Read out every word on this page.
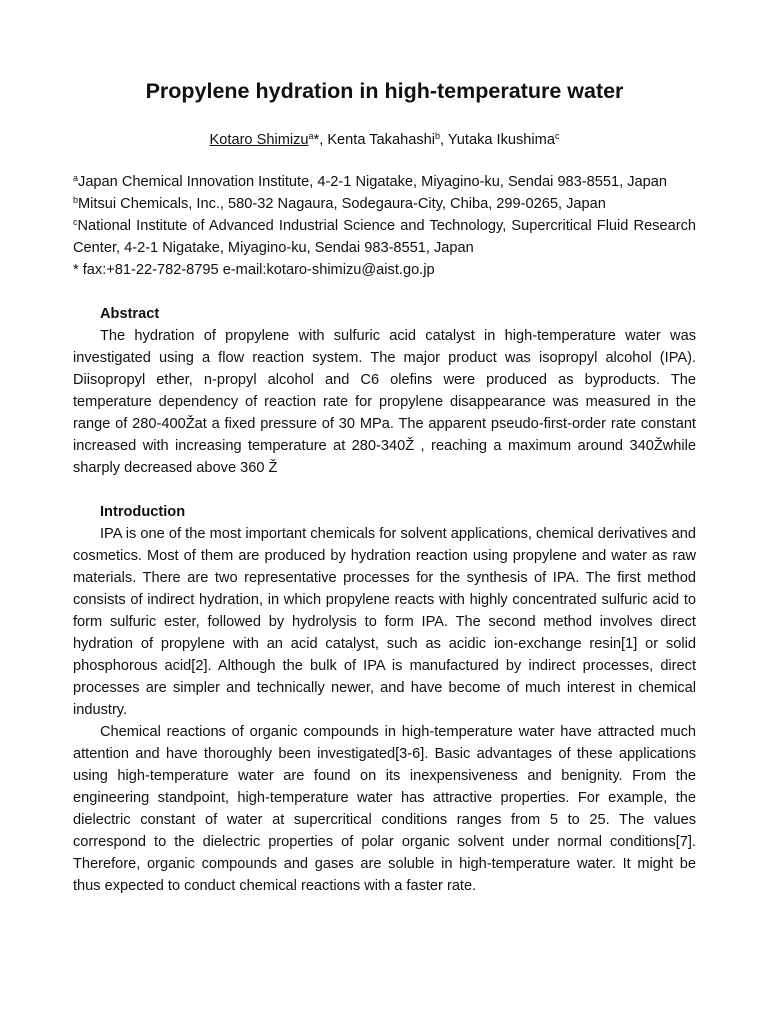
Propylene hydration in high-temperature water
Kotaro Shimizu$^a$*, Kenta Takahashi$^b$, Yutaka Ikushima$^c$

$^a$Japan Chemical Innovation Institute, 4-2-1 Nigatake, Miyagino-ku, Sendai 983-8551, Japan

$^b$Mitsui Chemicals, Inc., 580-32 Nagaura, Sodegaura-City, Chiba, 299-0265, Japan

$^c$National Institute of Advanced Industrial Science and Technology, Supercritical Fluid Research Center, 4-2-1 Nigatake, Miyagino-ku, Sendai 983-8551, Japan

* fax:+81-22-782-8795 e-mail:kotaro-shimizu@aist.go.jp

Abstract

The hydration of propylene with sulfuric acid catalyst in high-temperature water was investigated using a flow reaction system. The major product was isopropyl alcohol (IPA). Diisopropyl ether, n-propyl alcohol and C6 olefins were produced as byproducts. The temperature dependency of reaction rate for propylene disappearance was measured in the range of 280-400Žat a fixed pressure of 30 MPa. The apparent pseudo-first-order rate constant increased with increasing temperature at 280-340Ž , reaching a maximum around 340Žwhile sharply decreased above 360 Ž

Introduction

IPA is one of the most important chemicals for solvent applications, chemical derivatives and cosmetics. Most of them are produced by hydration reaction using propylene and water as raw materials. There are two representative processes for the synthesis of IPA. The first method consists of indirect hydration, in which propylene reacts with highly concentrated sulfuric acid to form sulfuric ester, followed by hydrolysis to form IPA. The second method involves direct hydration of propylene with an acid catalyst, such as acidic ion-exchange resin[1] or solid phosphorous acid[2]. Although the bulk of IPA is manufactured by indirect processes, direct processes are simpler and technically newer, and have become of much interest in chemical industry.

Chemical reactions of organic compounds in high-temperature water have attracted much attention and have thoroughly been investigated[3-6]. Basic advantages of these applications using high-temperature water are found on its inexpensiveness and benignity. From the engineering standpoint, high-temperature water has attractive properties. For example, the dielectric constant of water at supercritical conditions ranges from 5 to 25. The values correspond to the dielectric properties of polar organic solvent under normal conditions[7]. Therefore, organic compounds and gases are soluble in high-temperature water. It might be thus expected to conduct chemical reactions with a faster rate.
